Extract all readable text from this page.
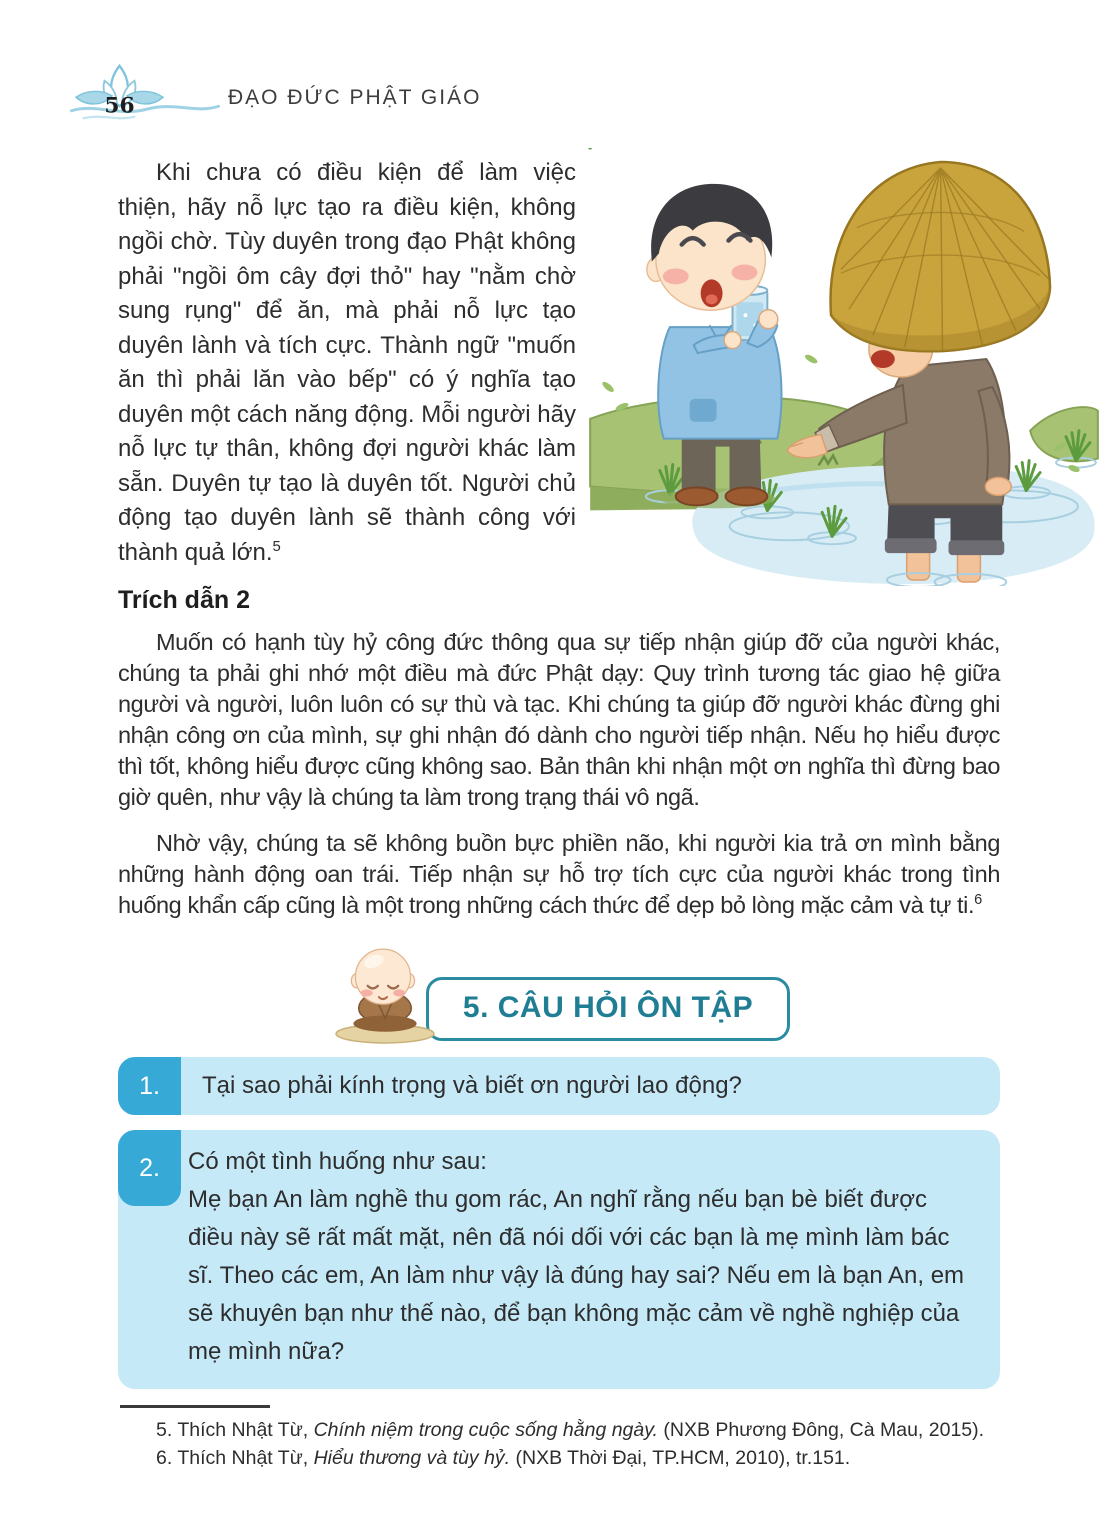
56	ĐẠO ĐỨC PHẬT GIÁO

Khi chưa có điều kiện để làm việc thiện, hãy nỗ lực tạo ra điều kiện, không ngồi chờ. Tùy duyên trong đạo Phật không phải "ngồi ôm cây đợi thỏ" hay "nằm chờ sung rụng" để ăn, mà phải nỗ lực tạo duyên lành và tích cực. Thành ngữ "muốn ăn thì phải lăn vào bếp" có ý nghĩa tạo duyên một cách năng động. Mỗi người hãy nỗ lực tự thân, không đợi người khác làm sẵn. Duyên tự tạo là duyên tốt. Người chủ động tạo duyên lành sẽ thành công với thành quả lớn.$^5$

Trích dẫn 2

Muốn có hạnh tùy hỷ công đức thông qua sự tiếp nhận giúp đỡ của người khác, chúng ta phải ghi nhớ một điều mà đức Phật dạy: Quy trình tương tác giao hệ giữa người và người, luôn luôn có sự thù và tạc. Khi chúng ta giúp đỡ người khác đừng ghi nhận công ơn của mình, sự ghi nhận đó dành cho người tiếp nhận. Nếu họ hiểu được thì tốt, không hiểu được cũng không sao. Bản thân khi nhận một ơn nghĩa thì đừng bao giờ quên, như vậy là chúng ta làm trong trạng thái vô ngã.

Nhờ vậy, chúng ta sẽ không buồn bực phiền não, khi người kia trả ơn mình bằng những hành động oan trái. Tiếp nhận sự hỗ trợ tích cực của người khác trong tình huống khẩn cấp cũng là một trong những cách thức để dẹp bỏ lòng mặc cảm và tự ti.$^6$

5. CÂU HỎI ÔN TẬP
1.	Tại sao phải kính trọng và biết ơn người lao động?
2.	Có một tình huống như sau:
Mẹ bạn An làm nghề thu gom rác, An nghĩ rằng nếu bạn bè biết được điều này sẽ rất mất mặt, nên đã nói dối với các bạn là mẹ mình làm bác sĩ. Theo các em, An làm như vậy là đúng hay sai? Nếu em là bạn An, em sẽ khuyên bạn như thế nào, để bạn không mặc cảm về nghề nghiệp của mẹ mình nữa?
5. Thích Nhật Từ, Chính niệm trong cuộc sống hằng ngày. (NXB Phương Đông, Cà Mau, 2015).
6. Thích Nhật Từ, Hiểu thương và tùy hỷ. (NXB Thời Đại, TP.HCM, 2010), tr.151.
